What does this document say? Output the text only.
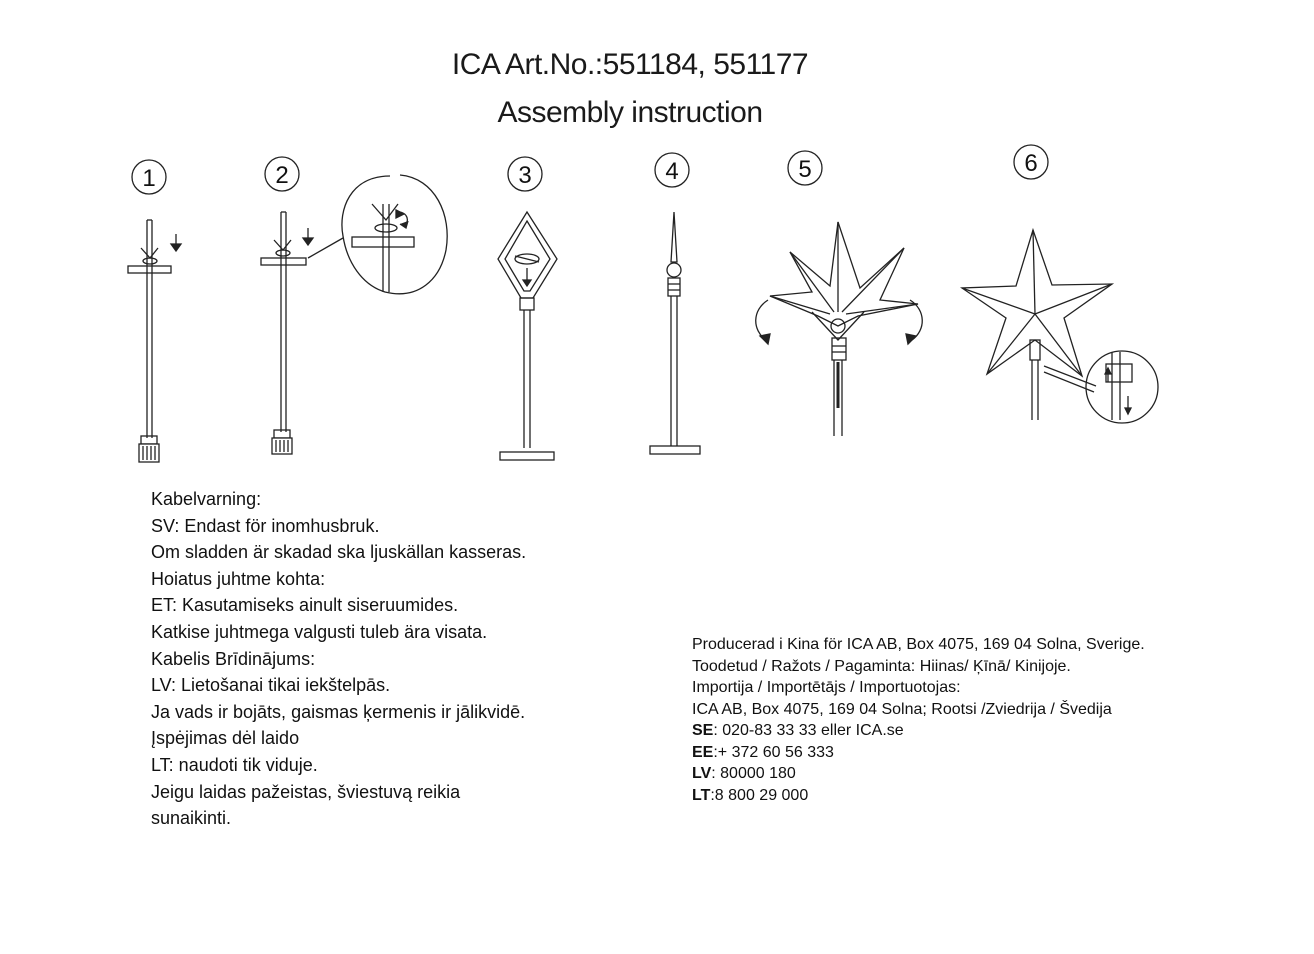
ICA Art.No.:551184, 551177
Assembly instruction
1	2	3	4	5	6
Kabelvarning:
SV: Endast för inomhusbruk.
Om sladden är skadad ska ljuskällan kasseras.
Hoiatus juhtme kohta:
ET: Kasutamiseks ainult siseruumides.
Katkise juhtmega valgusti tuleb ära visata.
Kabelis Brīdinājums:
LV: Lietošanai tikai iekštelpās.
Ja vads ir bojāts, gaismas ķermenis ir jālikvidē.
Įspėjimas dėl laido
LT: naudoti tik viduje.
Jeigu laidas pažeistas, šviestuvą reikia
sunaikinti.
Producerad i Kina för ICA AB, Box 4075, 169 04 Solna, Sverige.
Toodetud / Ražots / Pagaminta: Hiinas/ Ķīnā/ Kinijoje.
Importija / Importētājs / Importuotojas:
ICA AB, Box 4075, 169 04 Solna; Rootsi /Zviedrija / Švedija
SE: 020-83 33 33 eller ICA.se
EE:+ 372 60 56 333
LV: 80000 180
LT:8 800 29 000
